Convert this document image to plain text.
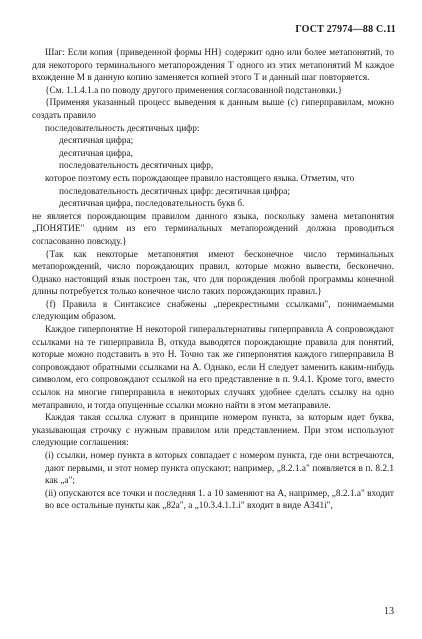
ГОСТ 27974—88 С.11

Шаг: Если копия {приведенной формы НН} содержит одно или более метапонятий, то для некоторого терминального метапорождения Т одного из этих метапонятий М каждое вхождение М в данную копию заменяется копией этого Т и данный шаг повторяется.

{См. 1.1.4.1.а по поводу другого применения согласованной подстановки.}

{Применяя указанный процесс выведения к данным выше (с) гиперправилам, можно создать правило

последовательность десятичных цифр:

десятичная цифра;

десятичная цифра,

последовательность десятичных цифр,

которое поэтому есть порождающее правило настоящего языка. Отметим, что

последовательность десятичных цифр: десятичная цифра;

десятичная цифра, последовательность букв б.

не является порождающим правилом данного языка, поскольку замена метапонятия „ПОНЯТИЕ" одним из его терминальных метапорождений должна проводиться согласованно повсюду.}

{Так как некоторые метапонятия имеют бесконечное число терминальных метапорождений, число порождающих правил, которые можно вывести, бесконечно. Однако настоящий язык построен так, что для порождения любой программы конечной длины потребуется только конечное число таких порождающих правил.}

{f) Правила в Синтаксисе снабжены „перекрестными ссылками", понимаемыми следующим образом.

Каждое гиперпонятие Н некоторой гиперальтернативы гиперправила А сопровождают ссылками на те гиперправила В, откуда выводятся порождающие правила для понятий, которые можно подставить в это Н. Точно так же гиперпонятия каждого гиперправила В сопровождают обратными ссылками на А. Однако, если Н следует заменить каким-нибудь символом, его сопровождают ссылкой на его представление в п. 9.4.1. Кроме того, вместо ссылок на многие гиперправила в некоторых случаях удобнее сделать ссылку на одно метаправило, и тогда опущенные ссылки можно найти в этом метаправиле.

Каждая такая ссылка служит в принципе номером пункта, за которым идет буква, указывающая строчку с нужным правилом или представлением. При этом используют следующие соглашения:

(i) ссылки, номер пункта в которых совпадает с номером пункта, где они встречаются, дают первыми, и этот номер пункта опускают; например, „8.2.1.а" появляется в п. 8.2.1 как „а";

(ii) опускаются все точки и последняя 1. а 10 заменяют на А, например, „8.2.1.а" входит во все остальные пункты как „82а", а „10.3.4.1.1.i" входит в виде A341i",

13
